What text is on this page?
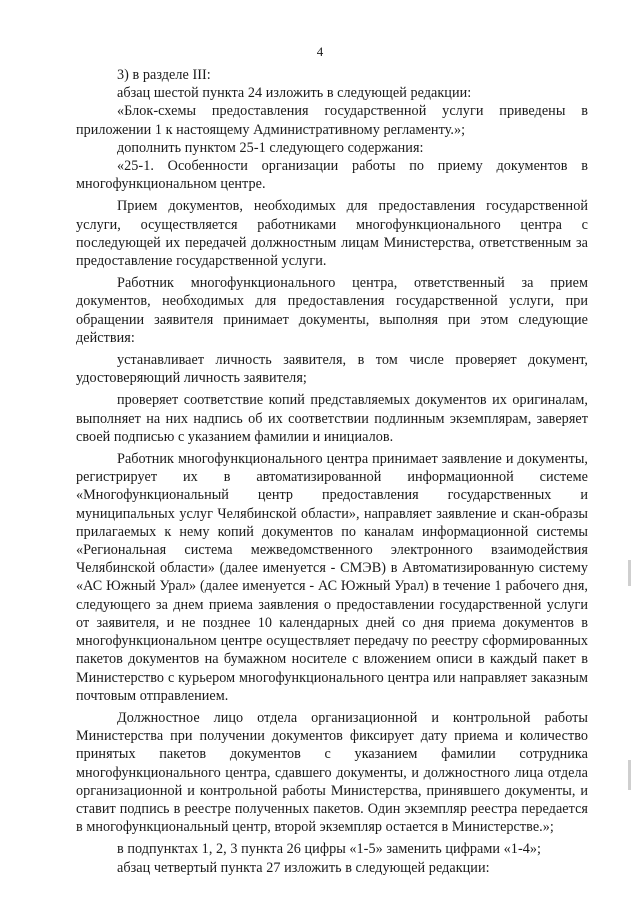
4

3) в разделе III:

абзац шестой пункта 24 изложить в следующей редакции:

«Блок-схемы предоставления государственной услуги приведены в приложении 1 к настоящему Административному регламенту.»;

дополнить пунктом 25-1 следующего содержания:

«25-1. Особенности организации работы по приему документов в многофункциональном центре.

Прием документов, необходимых для предоставления государственной услуги, осуществляется работниками многофункционального центра с последующей их передачей должностным лицам Министерства, ответственным за предоставление государственной услуги.

Работник многофункционального центра, ответственный за прием документов, необходимых для предоставления государственной услуги, при обращении заявителя принимает документы, выполняя при этом следующие действия:

устанавливает личность заявителя, в том числе проверяет документ, удостоверяющий личность заявителя;

проверяет соответствие копий представляемых документов их оригиналам, выполняет на них надпись об их соответствии подлинным экземплярам, заверяет своей подписью с указанием фамилии и инициалов.

Работник многофункционального центра принимает заявление и документы, регистрирует их в автоматизированной информационной системе «Многофункциональный центр предоставления государственных и муниципальных услуг Челябинской области», направляет заявление и скан-образы прилагаемых к нему копий документов по каналам информационной системы «Региональная система межведомственного электронного взаимодействия Челябинской области» (далее именуется - СМЭВ) в Автоматизированную систему «АС Южный Урал» (далее именуется - АС Южный Урал) в течение 1 рабочего дня, следующего за днем приема заявления о предоставлении государственной услуги от заявителя, и не позднее 10 календарных дней со дня приема документов в многофункциональном центре осуществляет передачу по реестру сформированных пакетов документов на бумажном носителе с вложением описи в каждый пакет в Министерство с курьером многофункционального центра или направляет заказным почтовым отправлением.

Должностное лицо отдела организационной и контрольной работы Министерства при получении документов фиксирует дату приема и количество принятых пакетов документов с указанием фамилии сотрудника многофункционального центра, сдавшего документы, и должностного лица отдела организационной и контрольной работы Министерства, принявшего документы, и ставит подпись в реестре полученных пакетов. Один экземпляр реестра передается в многофункциональный центр, второй экземпляр остается в Министерстве.»;

в подпунктах 1, 2, 3 пункта 26 цифры «1-5» заменить цифрами «1-4»;

абзац четвертый пункта 27 изложить в следующей редакции:
